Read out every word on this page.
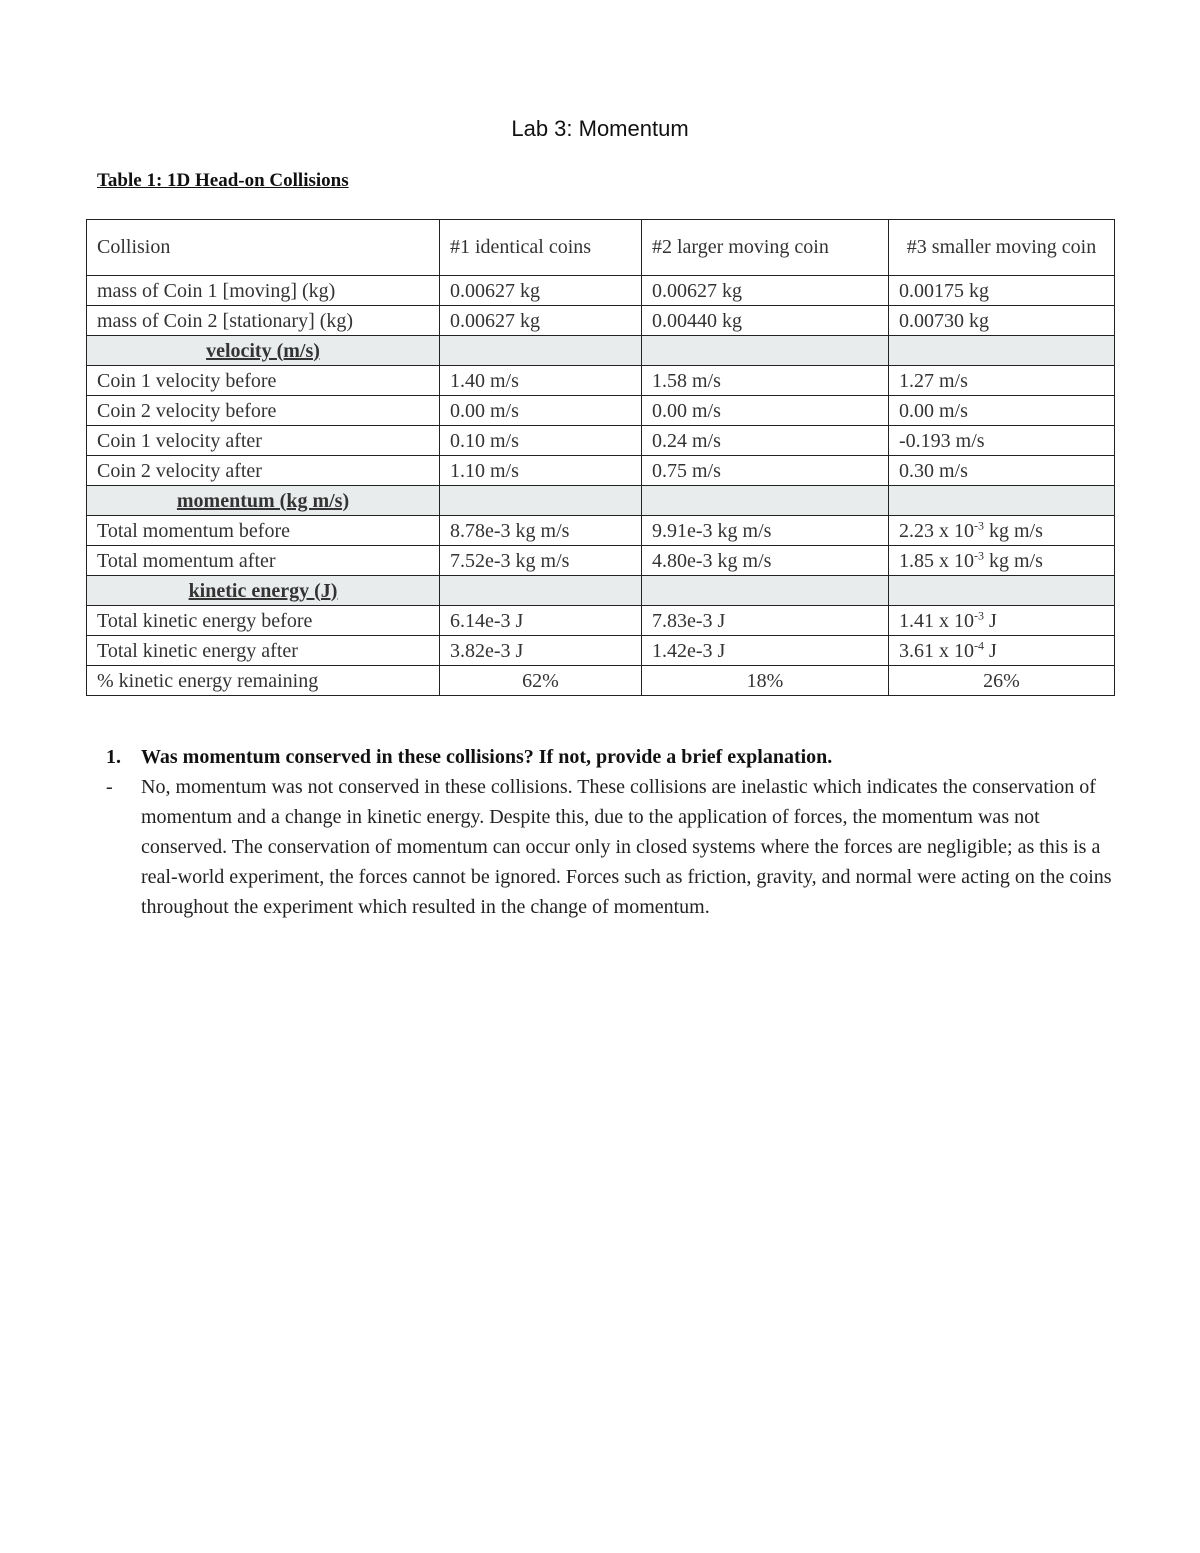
Lab 3: Momentum
Table 1: 1D Head-on Collisions
Collision	#1 identical coins	#2 larger moving coin	#3 smaller moving coin
mass of Coin 1 [moving] (kg)	0.00627 kg	0.00627 kg	0.00175 kg
mass of Coin 2 [stationary] (kg)	0.00627 kg	0.00440 kg	0.00730 kg
velocity (m/s)			
Coin 1 velocity before	1.40 m/s	1.58 m/s	1.27 m/s
Coin 2 velocity before	0.00 m/s	0.00 m/s	0.00 m/s
Coin 1 velocity after	0.10 m/s	0.24 m/s	-0.193 m/s
Coin 2 velocity after	1.10 m/s	0.75 m/s	0.30 m/s
momentum (kg m/s)			
Total momentum before	8.78e-3 kg m/s	9.91e-3 kg m/s	2.23 x $10^{-3}$ kg m/s
Total momentum after	7.52e-3 kg m/s	4.80e-3 kg m/s	1.85 x $10^{-3}$ kg m/s
kinetic energy (J)			
Total kinetic energy before	6.14e-3 J	7.83e-3 J	1.41 x $10^{-3}$ J
Total kinetic energy after	3.82e-3 J	1.42e-3 J	3.61 x $10^{-4}$ J
% kinetic energy remaining	62%	18%	26%
1.	Was momentum conserved in these collisions? If not, provide a brief explanation.
-	No, momentum was not conserved in these collisions. These collisions are inelastic which indicates the conservation of momentum and a change in kinetic energy. Despite this, due to the application of forces, the momentum was not conserved. The conservation of momentum can occur only in closed systems where the forces are negligible; as this is a real-world experiment, the forces cannot be ignored. Forces such as friction, gravity, and normal were acting on the coins throughout the experiment which resulted in the change of momentum.
